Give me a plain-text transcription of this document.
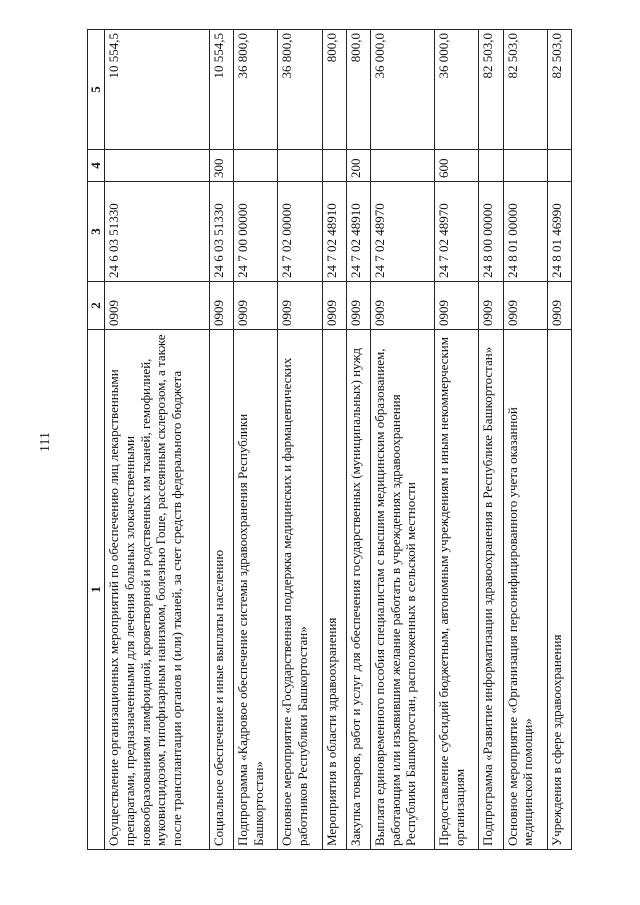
111
1	2	3	4	5
Осуществление организационных мероприятий по обеспечению лиц лекарственными препаратами, предназначенными для лечения больных злокачественными новообразованиями лимфоидной, кроветворной и родственных им тканей, гемофилией, муковисцидозом, гипофизарным нанизмом, болезнью Гоше, рассеянным склерозом, а также после трансплантации органов и (или) тканей, за счет средств федерального бюджета	0909	24 6 03 51330		10 554,5
Социальное обеспечение и иные выплаты населению	0909	24 6 03 51330	300	10 554,5
Подпрограмма «Кадровое обеспечение системы здравоохранения Республики Башкортостан»	0909	24 7 00 00000		36 800,0
Основное мероприятие «Государственная поддержка медицинских и фармацевтических работников Республики Башкортостан»	0909	24 7 02 00000		36 800,0
Мероприятия в области здравоохранения	0909	24 7 02 48910		800,0
Закупка товаров, работ и услуг для обеспечения государственных (муниципальных) нужд	0909	24 7 02 48910	200	800,0
Выплата единовременного пособия специалистам с высшим медицинским образованием, работающим или изъявившим желание работать в учреждениях здравоохранения Республики Башкортостан, расположенных в сельской местности	0909	24 7 02 48970		36 000,0
Предоставление субсидий бюджетным, автономным учреждениям и иным некоммерческим организациям	0909	24 7 02 48970	600	36 000,0
Подпрограмма «Развитие информатизации здравоохранения в Республике Башкортостан»	0909	24 8 00 00000		82 503,0
Основное мероприятие «Организация персонифицированного учета оказанной медицинской помощи»	0909	24 8 01 00000		82 503,0
Учреждения в сфере здравоохранения	0909	24 8 01 46990		82 503,0
